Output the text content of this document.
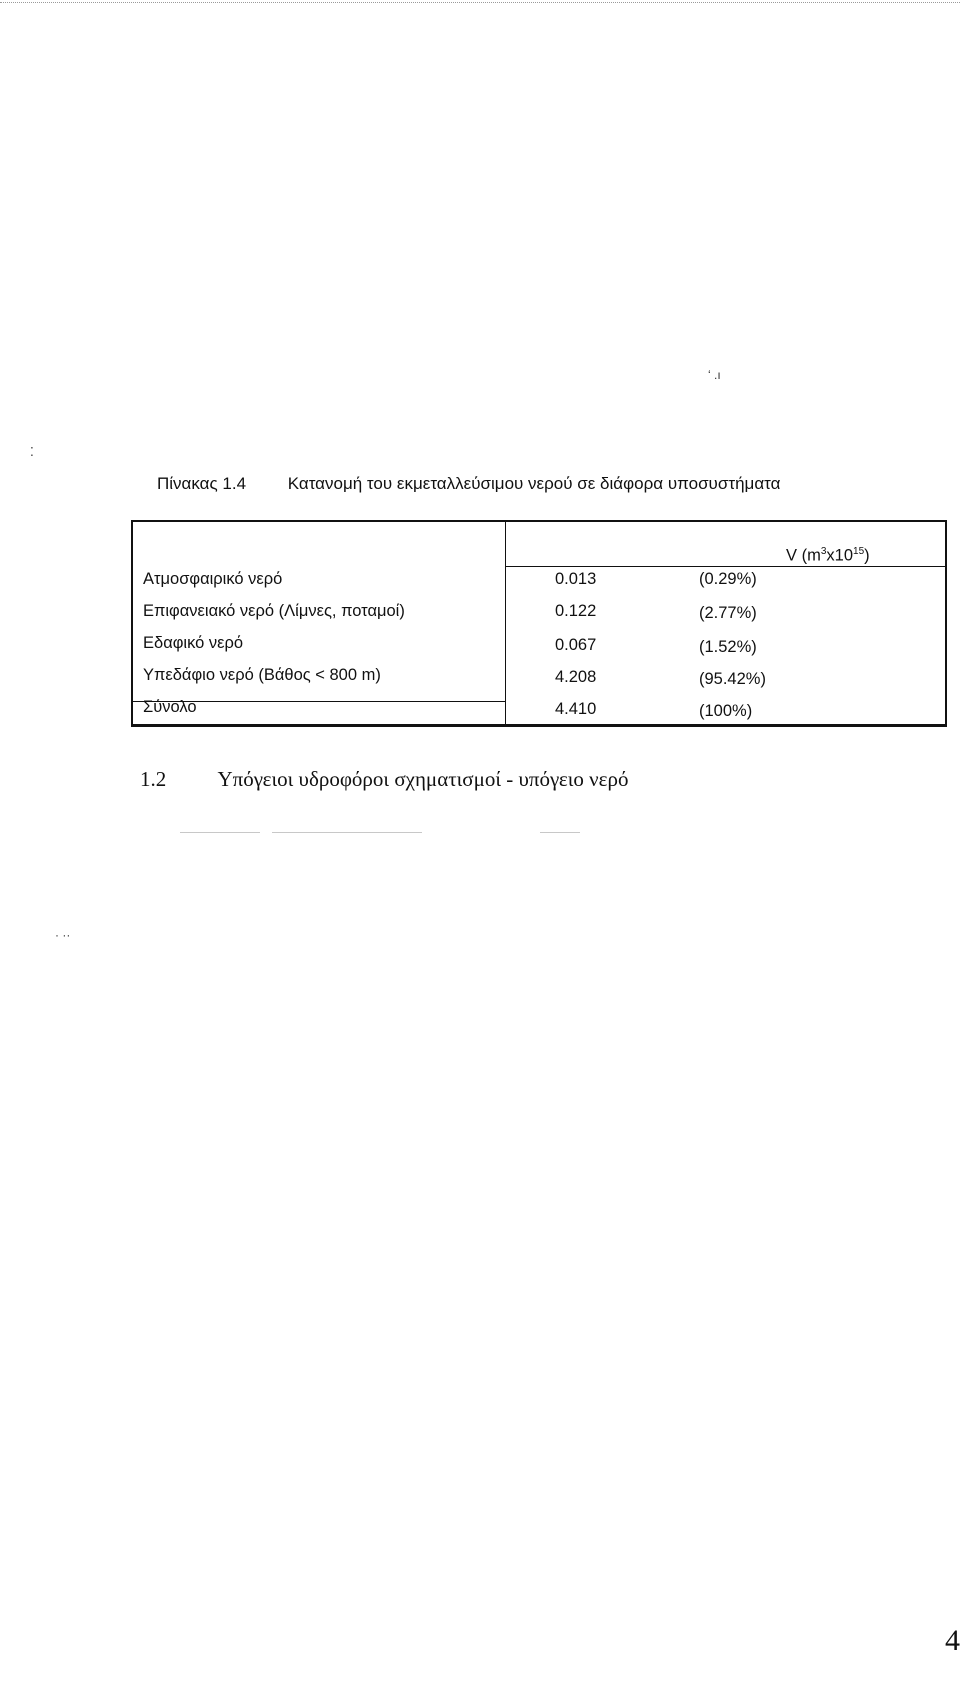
ʻ .ı
⁚
· ··
Πίνακας 1.4 Κατανομή του εκμεταλλεύσιμου νερού σε διάφορα υποσυστήματα
V $(m^3x10^{15})$
Ατμοσφαιρικό νερό	0.013	(0.29%)
Επιφανειακό νερό (Λίμνες, ποταμοί)	0.122	(2.77%)
Εδαφικό νερό	0.067	(1.52%)
Υπεδάφιο νερό (Βάθος < 800 m)	4.208	(95.42%)
Σύνολο	4.410	(100%)
1.2 Υπόγειοι υδροφόροι σχηματισμοί - υπόγειο νερό
4
